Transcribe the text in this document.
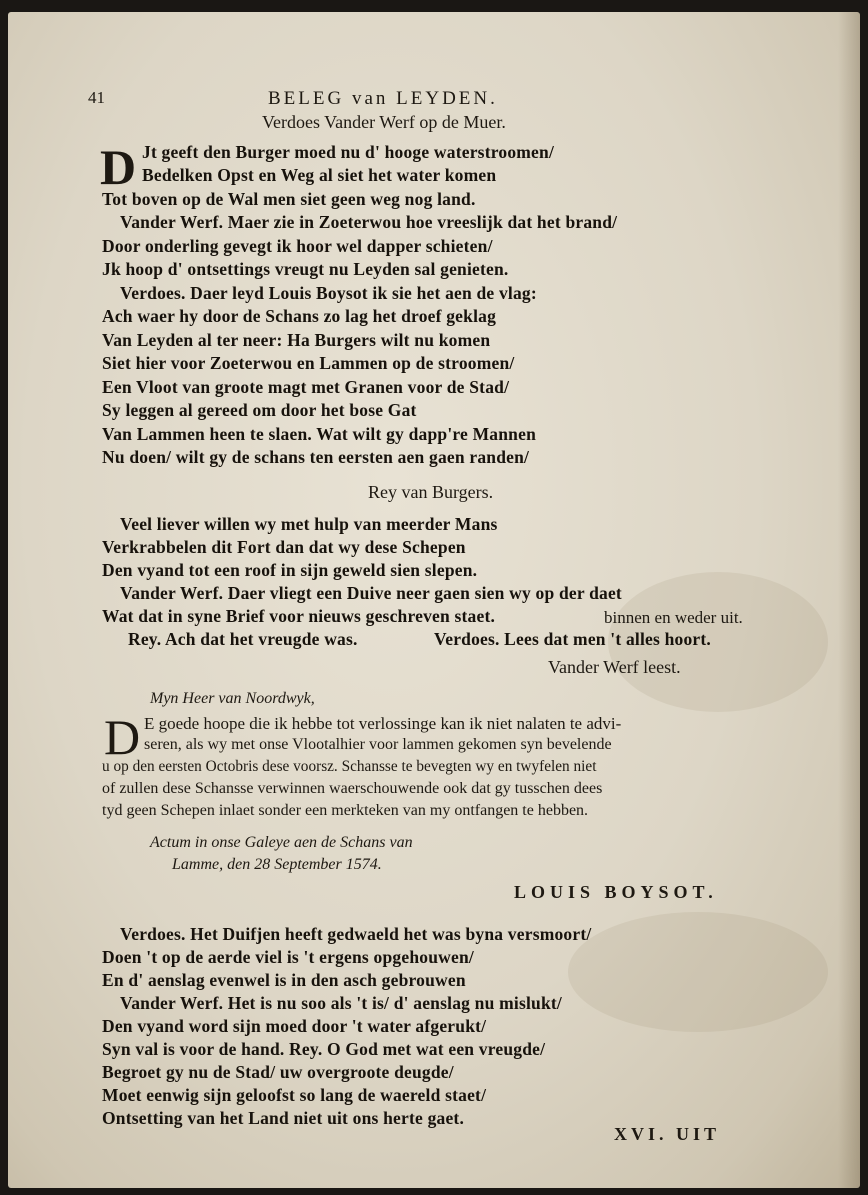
41	BELEG van LEYDEN.
Verdoes Vander Werf op de Muer.
D Jt geeft den Burger moed nu d' hooge waterstroomen/
Bedelken Opst en Weg al siet het water komen
Tot boven op de Wal men siet geen weg nog land.
Vander Werf. Maer zie in Zoeterwou hoe vreeslijk dat het brand/
Door onderling gevegt ik hoor wel dapper schieten/
Jk hoop d' ontsettings vreugt nu Leyden sal genieten.
Verdoes. Daer leyd Louis Boysot ik sie het aen de vlag:
Ach waer hy door de Schans zo lag het droef geklag
Van Leyden al ter neer: Ha Burgers wilt nu komen
Siet hier voor Zoeterwou en Lammen op de stroomen/
Een Vloot van groote magt met Granen voor de Stad/
Sy leggen al gereed om door het bose Gat
Van Lammen heen te slaen. Wat wilt gy dapp're Mannen
Nu doen/ wilt gy de schans ten eersten aen gaen randen/
Rey van Burgers.
Veel liever willen wy met hulp van meerder Mans
Verkrabbelen dit Fort dan dat wy dese Schepen
Den vyand tot een roof in sijn geweld sien slepen.
Vander Werf. Daer vliegt een Duive neer gaen sien wy op der daet
Wat dat in syne Brief voor nieuws geschreven staet.	binnen en weder uit.
Rey. Ach dat het vreugde was.	Verdoes. Lees dat men 't alles hoort.
Vander Werf leest.
Myn Heer van Noordwyk,
D E goede hoope die ik hebbe tot verlossinge kan ik niet nalaten te advi-
seren, als wy met onse Vlootalhier voor lammen gekomen syn bevelende
u op den eersten Octobris dese voorsz. Schansse te bevegten wy en twyfelen niet
of zullen dese Schansse verwinnen waerschouwende ook dat gy tusschen dees
tyd geen Schepen inlaet sonder een merkteken van my ontfangen te hebben.
Actum in onse Galeye aen de Schans van
Lamme, den 28 September 1574.
LOUIS BOYSOT.
Verdoes. Het Duifjen heeft gedwaeld het was byna versmoort/
Doen 't op de aerde viel is 't ergens opgehouwen/
En d' aenslag evenwel is in den asch gebrouwen
Vander Werf. Het is nu soo als 't is/ d' aenslag nu mislukt/
Den vyand word sijn moed door 't water afgerukt/
Syn val is voor de hand. Rey. O God met wat een vreugde/
Begroet gy nu de Stad/ uw overgroote deugde/
Moet eenwig sijn geloofst so lang de waereld staet/
Ontsetting van het Land niet uit ons herte gaet.
XVI. UIT
